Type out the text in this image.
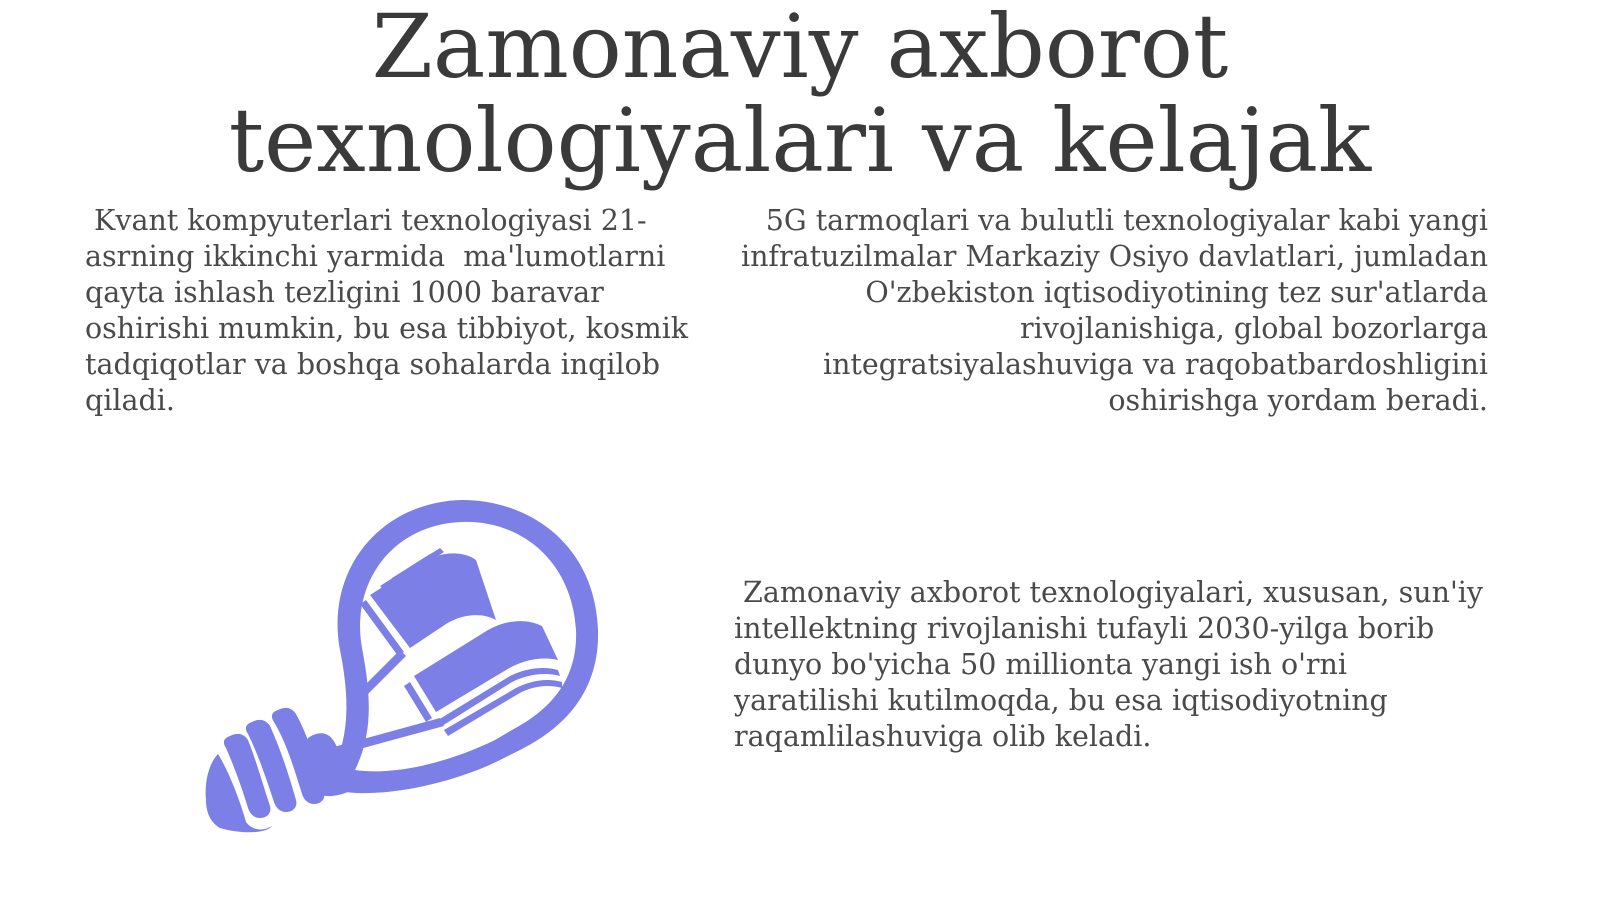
Zamonaviy axborot
texnologiyalari va kelajak

Kvant kompyuterlari texnologiyasi 21-asrning ikkinchi yarmida  ma'lumotlarni qayta ishlash tezligini 1000 baravar oshirishi mumkin, bu esa tibbiyot, kosmik tadqiqotlar va boshqa sohalarda inqilob qiladi.

5G tarmoqlari va bulutli texnologiyalar kabi yangi infratuzilmalar Markaziy Osiyo davlatlari, jumladan O'zbekiston iqtisodiyotining tez sur'atlarda rivojlanishiga, global bozorlarga integratsiyalashuviga va raqobatbardoshligini oshirishga yordam beradi.

Zamonaviy axborot texnologiyalari, xususan, sun'iy intellektning rivojlanishi tufayli 2030-yilga borib dunyo bo'yicha 50 millionta yangi ish o'rni yaratilishi kutilmoqda, bu esa iqtisodiyotning raqamlilashuviga olib keladi.
